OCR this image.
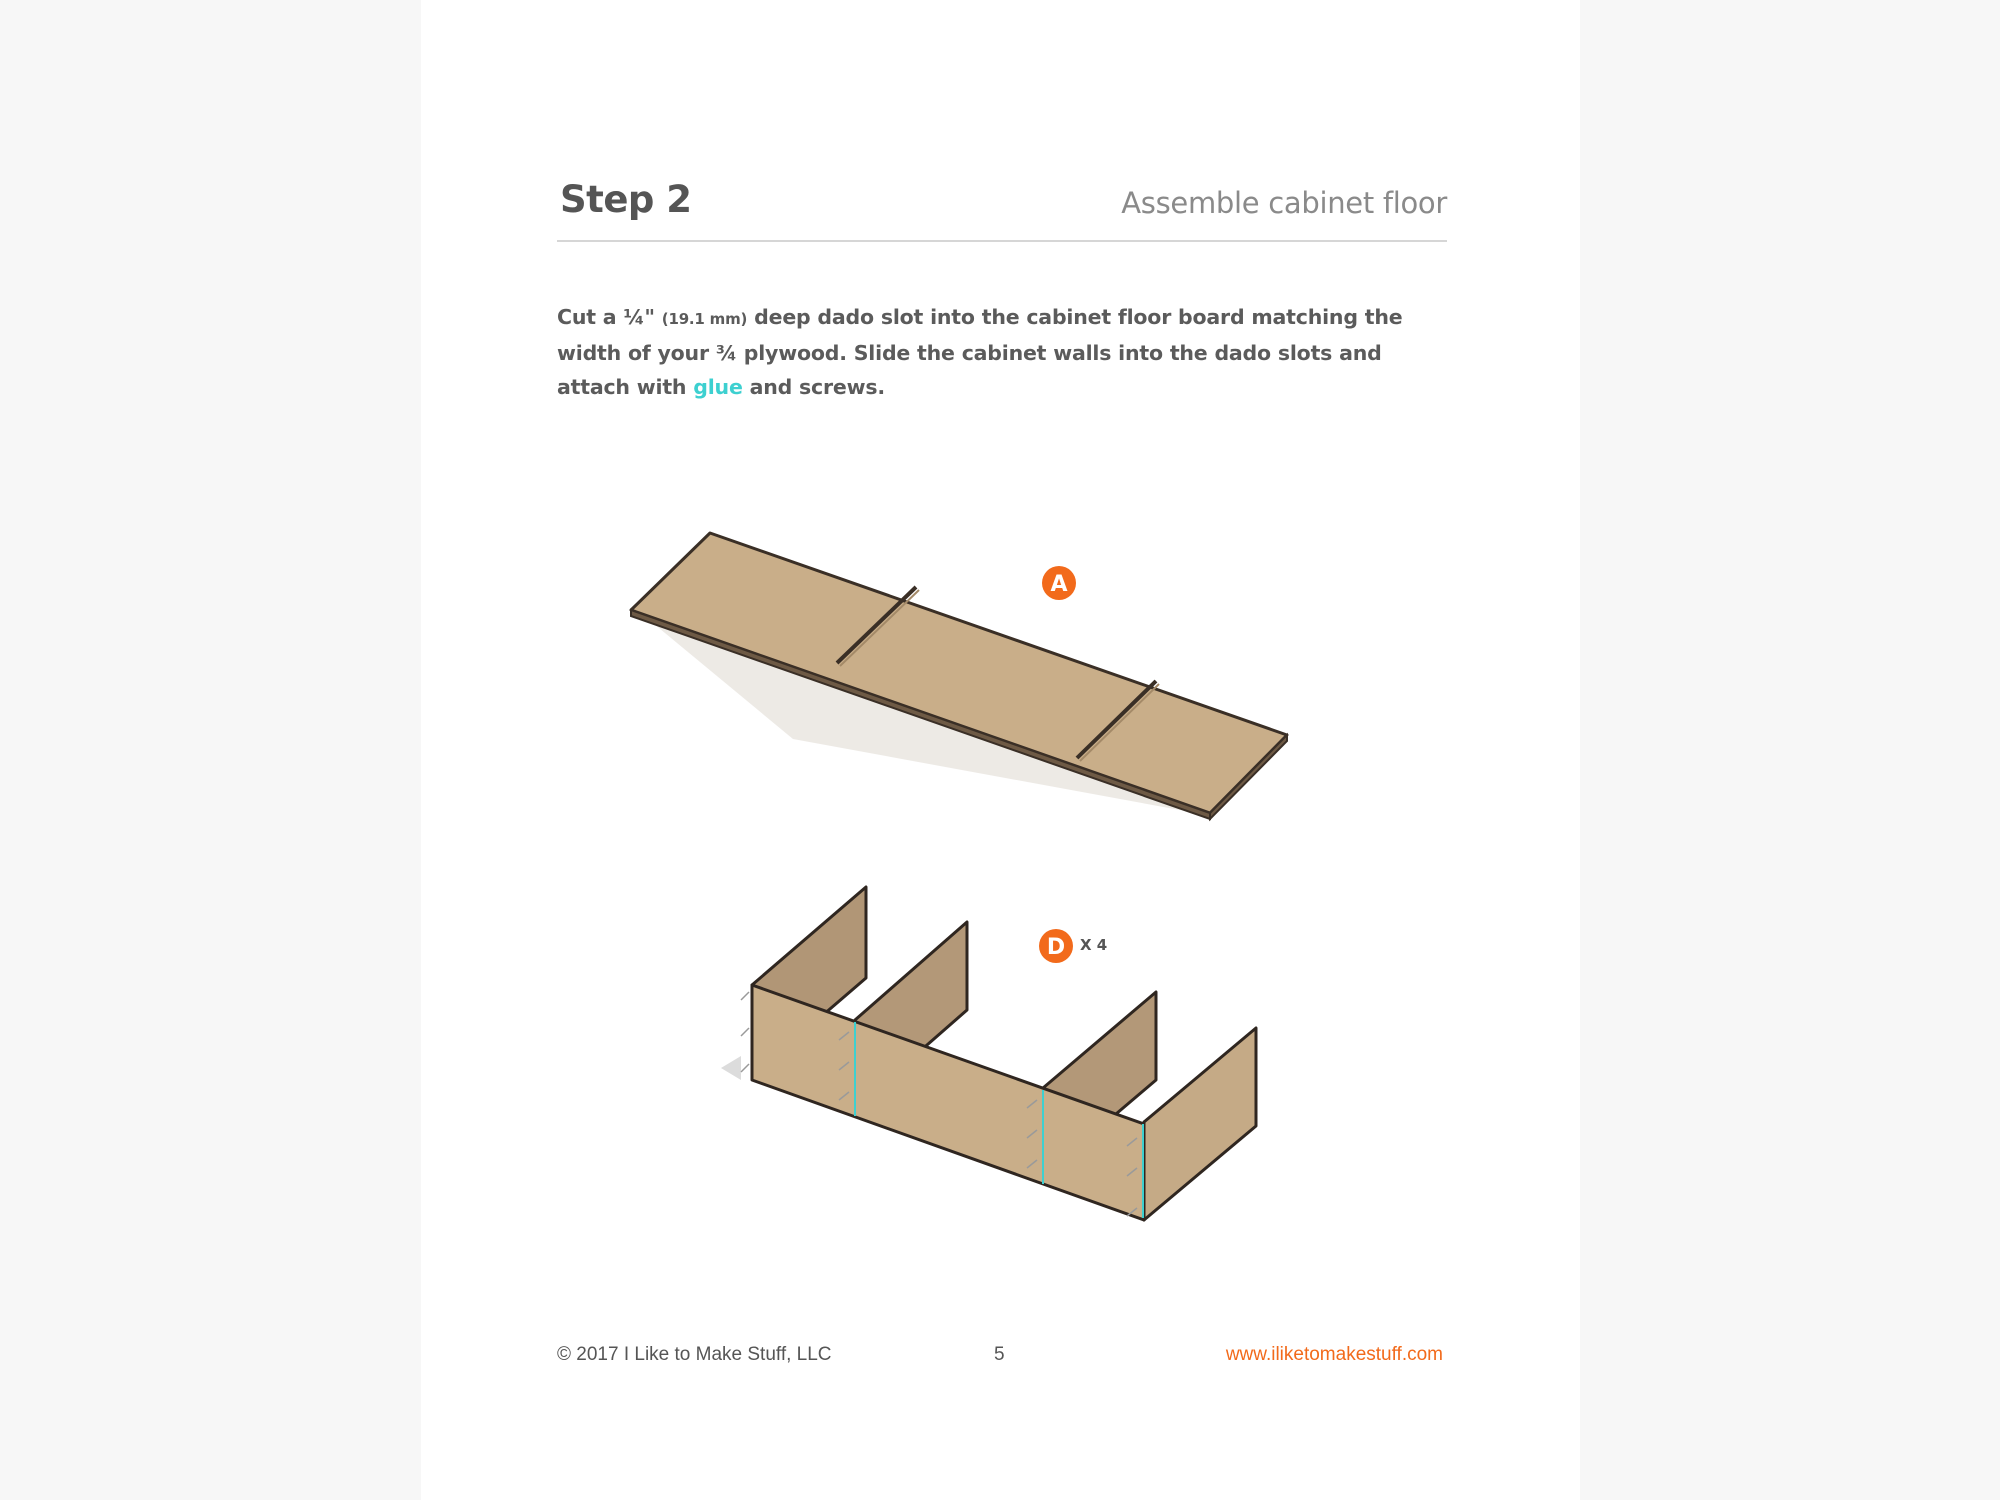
Step 2	Assemble cabinet floor
Cut a ¼" (19.1 mm) deep dado slot into the cabinet floor board matching the width of your ¾ plywood. Slide the cabinet walls into the dado slots and attach with glue and screws.
A
D X 4
© 2017 I Like to Make Stuff, LLC	5	www.iliketomakestuff.com
